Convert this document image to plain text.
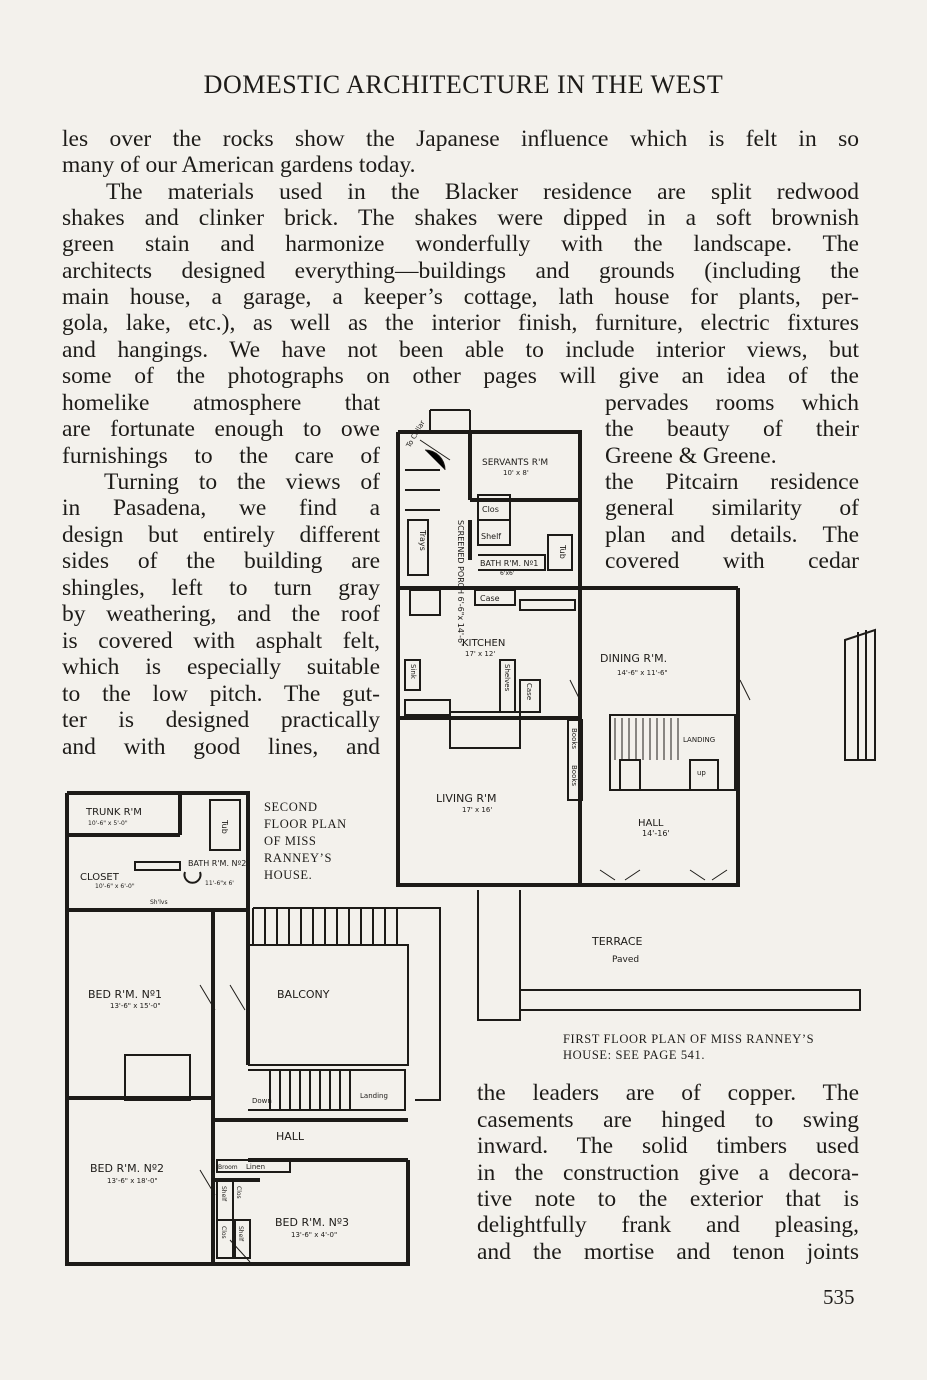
DOMESTIC ARCHITECTURE IN THE WEST
les over the rocks show the Japanese influence which is felt in so
many of our American gardens today.
The materials used in the Blacker residence are split redwood
shakes and clinker brick. The shakes were dipped in a soft brownish
green stain and harmonize wonderfully with the landscape. The
architects designed everything—buildings and grounds (including the
main house, a garage, a keeper’s cottage, lath house for plants, per-
gola, lake, etc.), as well as the interior finish, furniture, electric fixtures
and hangings. We have not been able to include interior views, but
some of the photographs on other pages will give an idea of the
homelike atmosphere that
are fortunate enough to owe
furnishings to the care of
Turning to the views of
in Pasadena, we find a
design but entirely different
sides of the building are
shingles, left to turn gray
by weathering, and the roof
is covered with asphalt felt,
which is especially suitable
to the low pitch. The gut-
ter is designed practically
and with good lines, and
pervades rooms which
the beauty of their
Greene & Greene.
the Pitcairn residence
general similarity of
plan and details. The
covered with cedar
the leaders are of copper. The
casements are hinged to swing
inward. The solid timbers used
in the construction give a decora-
tive note to the exterior that is
delightfully frank and pleasing,
and the mortise and tenon joints
To Cellar
SERVANTS R'M
10' x 8'
SCREENED PORCH 6'-6"x 14'-6"
Trays
Clos
Shelf
BATH R'M. Nº1
6'x6'
Tub
Case
KITCHEN
17' x 12'
Sink	Shelves
Case
DINING R'M.
14'-6" x 11'-6"
Books
Books
LANDING
up
LIVING R'M
17' x 16'
HALL
14'-16'
TERRACE
Paved
FIRST FLOOR PLAN OF MISS RANNEY’S
HOUSE: SEE PAGE 541.
TRUNK R'M
10'-6" x 5'-0"	Tub
CLOSET
10'-6" x 6'-0"
BATH R'M. Nº2
11'-6"x 6'
Sh'lvs
BED R'M. Nº1
13'-6" x 15'-0"
BALCONY
Down
Landing
HALL
BED R'M. Nº2
13'-6" x 18'-0"
Broom Linen
Shelf Clos
Clos Shelf
BED R'M. Nº3
13'-6" x 4'-0"
SECOND
FLOOR PLAN
OF MISS
RANNEY’S
HOUSE.
535
